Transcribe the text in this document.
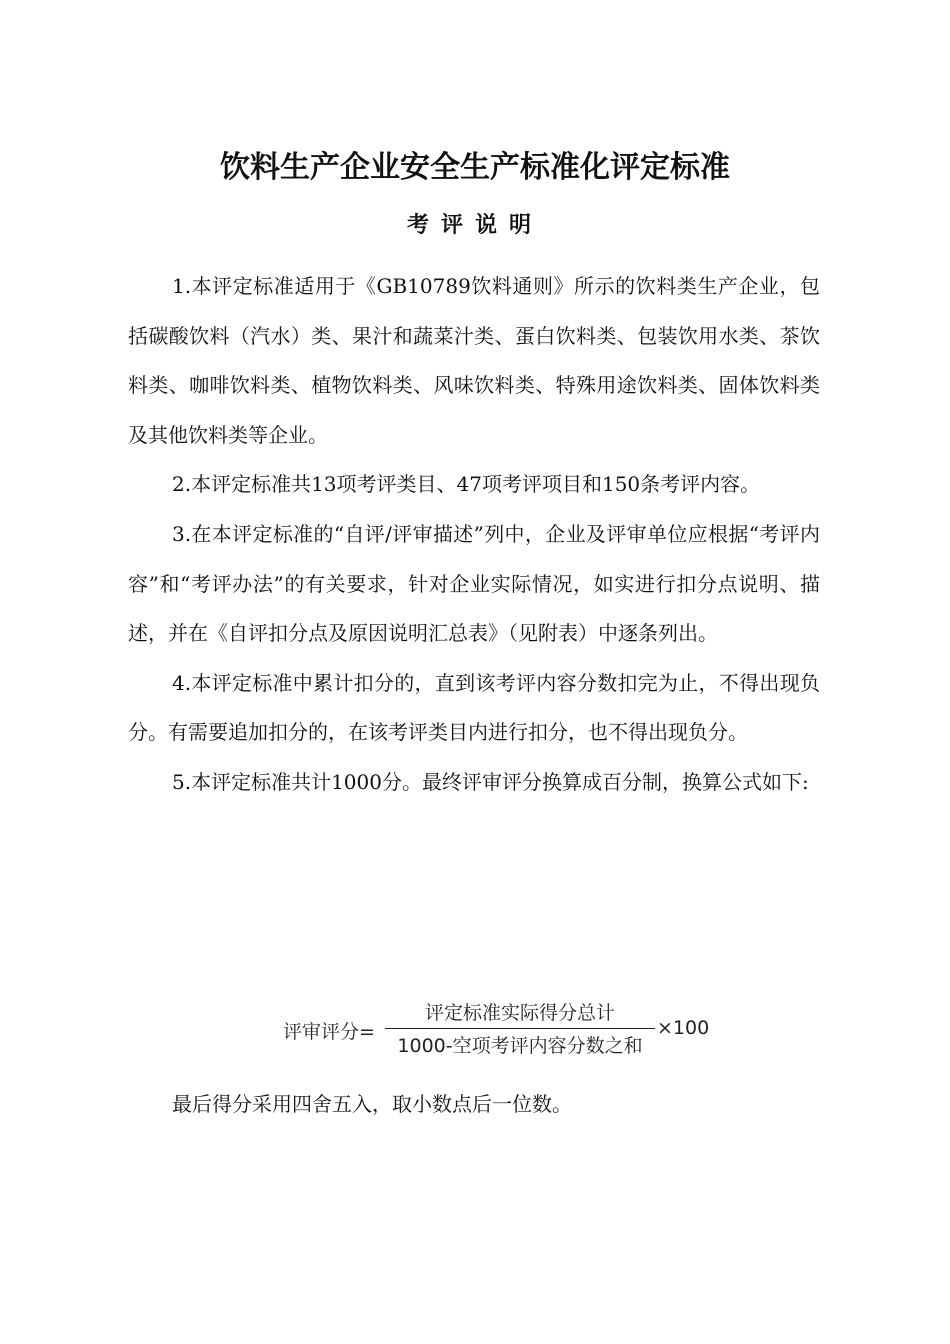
饮料生产企业安全生产标准化评定标准
考评说明

1.本评定标准适用于《GB10789饮料通则》所示的饮料类生产企业，包括碳酸饮料（汽水）类、果汁和蔬菜汁类、蛋白饮料类、包装饮用水类、茶饮料类、咖啡饮料类、植物饮料类、风味饮料类、特殊用途饮料类、固体饮料类及其他饮料类等企业。

2.本评定标准共13项考评类目、47项考评项目和150条考评内容。

3.在本评定标准的“自评/评审描述”列中，企业及评审单位应根据“考评内容”和“考评办法”的有关要求，针对企业实际情况，如实进行扣分点说明、描述，并在《自评扣分点及原因说明汇总表》（见附表）中逐条列出。

4.本评定标准中累计扣分的，直到该考评内容分数扣完为止，不得出现负分。有需要追加扣分的，在该考评类目内进行扣分，也不得出现负分。

5.本评定标准共计1000分。最终评审评分换算成百分制，换算公式如下:

评审评分=
评定标准实际得分总计
1000-空项考评内容分数之和
×100

最后得分采用四舍五入，取小数点后一位数。
